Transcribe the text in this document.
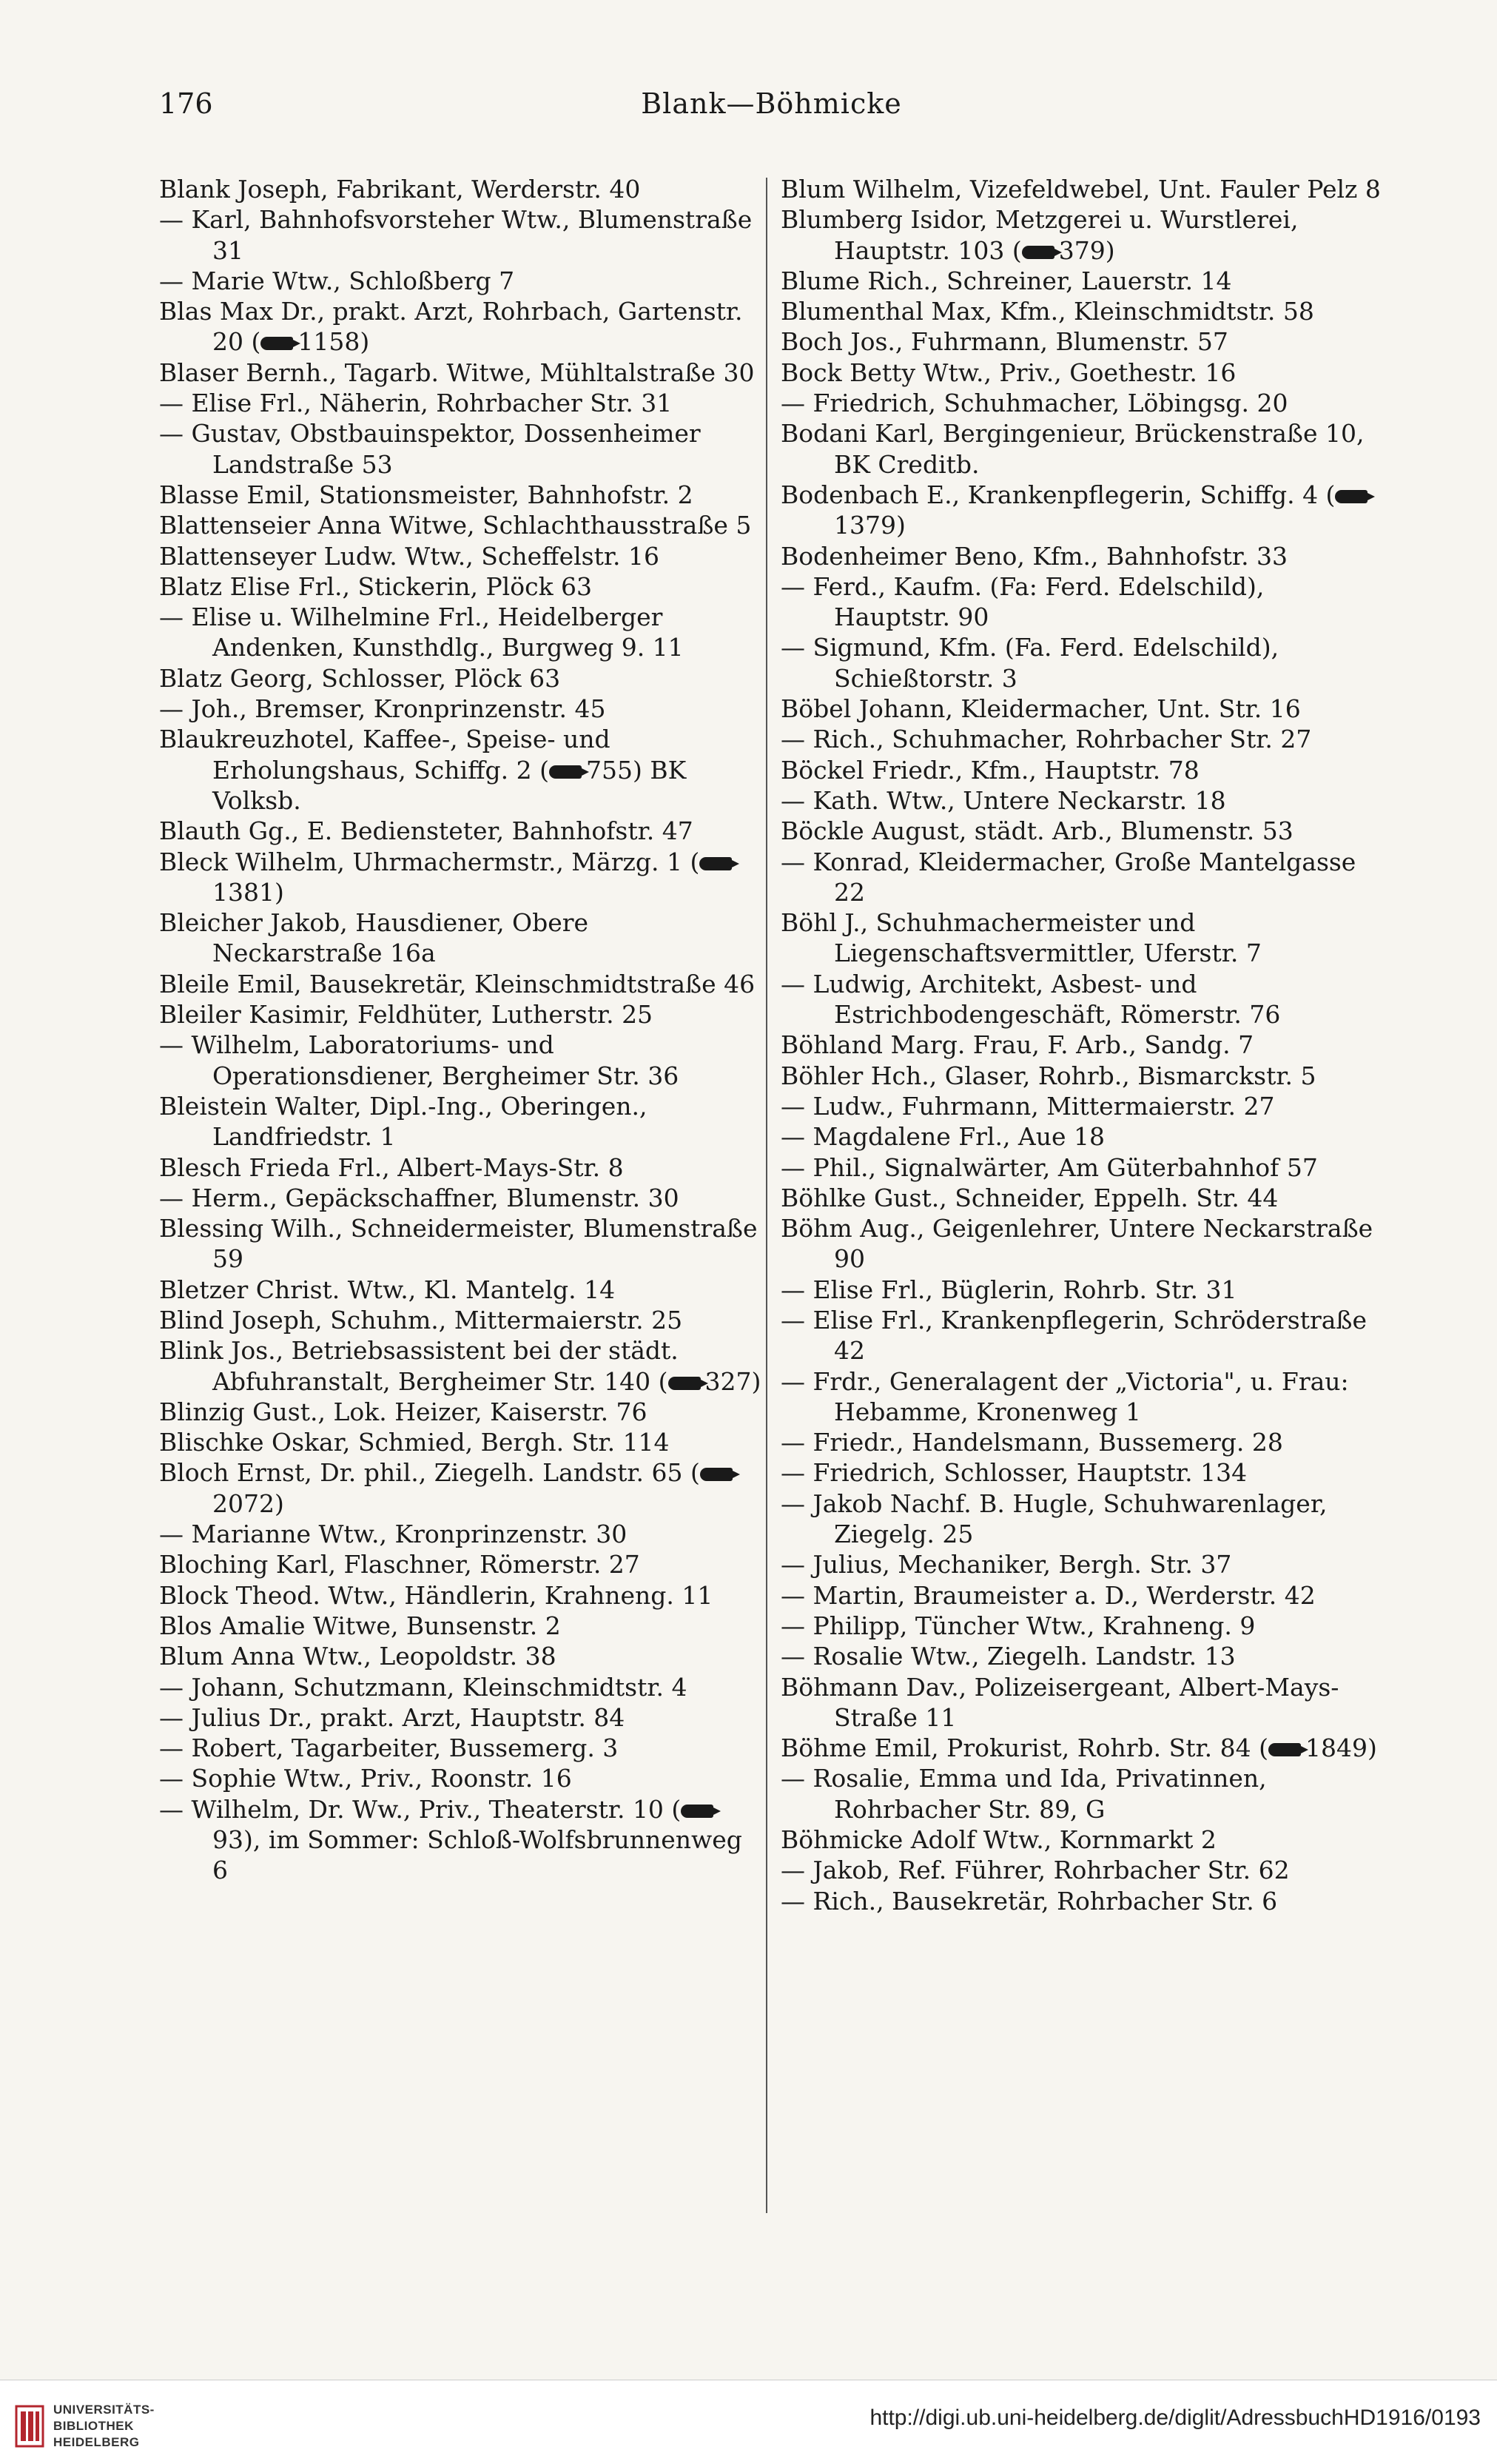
176	Blank—Böhmicke

Blank Joseph, Fabrikant, Werderstr. 40

— Karl, Bahnhofsvorsteher Wtw., Blumenstraße 31

— Marie Wtw., Schloßberg 7

Blas Max Dr., prakt. Arzt, Rohrbach, Gartenstr. 20 ( 1158)

Blaser Bernh., Tagarb. Witwe, Mühltalstraße 30

— Elise Frl., Näherin, Rohrbacher Str. 31

— Gustav, Obstbauinspektor, Dossenheimer Landstraße 53

Blasse Emil, Stationsmeister, Bahnhofstr. 2

Blattenseier Anna Witwe, Schlachthausstraße 5

Blattenseyer Ludw. Wtw., Scheffelstr. 16

Blatz Elise Frl., Stickerin, Plöck 63

— Elise u. Wilhelmine Frl., Heidelberger Andenken, Kunsthdlg., Burgweg 9. 11

Blatz Georg, Schlosser, Plöck 63

— Joh., Bremser, Kronprinzenstr. 45

Blaukreuzhotel, Kaffee-, Speise- und Erholungshaus, Schiffg. 2 ( 755) BK Volksb.

Blauth Gg., E. Bediensteter, Bahnhofstr. 47

Bleck Wilhelm, Uhrmachermstr., Märzg. 1 (1381)

Bleicher Jakob, Hausdiener, Obere Neckarstraße 16a

Bleile Emil, Bausekretär, Kleinschmidtstraße 46

Bleiler Kasimir, Feldhüter, Lutherstr. 25

— Wilhelm, Laboratoriums- und Operationsdiener, Bergheimer Str. 36

Bleistein Walter, Dipl.-Ing., Oberingen., Landfriedstr. 1

Blesch Frieda Frl., Albert-Mays-Str. 8

— Herm., Gepäckschaffner, Blumenstr. 30

Blessing Wilh., Schneidermeister, Blumenstraße 59

Bletzer Christ. Wtw., Kl. Mantelg. 14

Blind Joseph, Schuhm., Mittermaierstr. 25

Blink Jos., Betriebsassistent bei der städt. Abfuhranstalt, Bergheimer Str. 140 ( 327)

Blinzig Gust., Lok. Heizer, Kaiserstr. 76

Blischke Oskar, Schmied, Bergh. Str. 114

Bloch Ernst, Dr. phil., Ziegelh. Landstr. 65 (2072)

— Marianne Wtw., Kronprinzenstr. 30

Bloching Karl, Flaschner, Römerstr. 27

Block Theod. Wtw., Händlerin, Krahneng. 11

Blos Amalie Witwe, Bunsenstr. 2

Blum Anna Wtw., Leopoldstr. 38

— Johann, Schutzmann, Kleinschmidtstr. 4

— Julius Dr., prakt. Arzt, Hauptstr. 84

— Robert, Tagarbeiter, Bussemerg. 3

— Sophie Wtw., Priv., Roonstr. 16

— Wilhelm, Dr. Ww., Priv., Theaterstr. 10 (93), im Sommer: Schloß-Wolfsbrunnenweg 6

Blum Wilhelm, Vizefeldwebel, Unt. Fauler Pelz 8

Blumberg Isidor, Metzgerei u. Wurstlerei, Hauptstr. 103 ( 379)

Blume Rich., Schreiner, Lauerstr. 14

Blumenthal Max, Kfm., Kleinschmidtstr. 58

Boch Jos., Fuhrmann, Blumenstr. 57

Bock Betty Wtw., Priv., Goethestr. 16

— Friedrich, Schuhmacher, Löbingsg. 20

Bodani Karl, Bergingenieur, Brückenstraße 10, BK Creditb.

Bodenbach E., Krankenpflegerin, Schiffg. 4 (1379)

Bodenheimer Beno, Kfm., Bahnhofstr. 33

— Ferd., Kaufm. (Fa: Ferd. Edelschild), Hauptstr. 90

— Sigmund, Kfm. (Fa. Ferd. Edelschild), Schießtorstr. 3

Böbel Johann, Kleidermacher, Unt. Str. 16

— Rich., Schuhmacher, Rohrbacher Str. 27

Böckel Friedr., Kfm., Hauptstr. 78

— Kath. Wtw., Untere Neckarstr. 18

Böckle August, städt. Arb., Blumenstr. 53

— Konrad, Kleidermacher, Große Mantelgasse 22

Böhl J., Schuhmachermeister und Liegenschaftsvermittler, Uferstr. 7

— Ludwig, Architekt, Asbest- und Estrichbodengeschäft, Römerstr. 76

Böhland Marg. Frau, F. Arb., Sandg. 7

Böhler Hch., Glaser, Rohrb., Bismarckstr. 5

— Ludw., Fuhrmann, Mittermaierstr. 27

— Magdalene Frl., Aue 18

— Phil., Signalwärter, Am Güterbahnhof 57

Böhlke Gust., Schneider, Eppelh. Str. 44

Böhm Aug., Geigenlehrer, Untere Neckarstraße 90

— Elise Frl., Büglerin, Rohrb. Str. 31

— Elise Frl., Krankenpflegerin, Schröderstraße 42

— Frdr., Generalagent der „Victoria", u. Frau: Hebamme, Kronenweg 1

— Friedr., Handelsmann, Bussemerg. 28

— Friedrich, Schlosser, Hauptstr. 134

— Jakob Nachf. B. Hugle, Schuhwarenlager, Ziegelg. 25

— Julius, Mechaniker, Bergh. Str. 37

— Martin, Braumeister a. D., Werderstr. 42

— Philipp, Tüncher Wtw., Krahneng. 9

— Rosalie Wtw., Ziegelh. Landstr. 13

Böhmann Dav., Polizeisergeant, Albert-Mays-Straße 11

Böhme Emil, Prokurist, Rohrb. Str. 84 ( 1849)

— Rosalie, Emma und Ida, Privatinnen, Rohrbacher Str. 89, G

Böhmicke Adolf Wtw., Kornmarkt 2

— Jakob, Ref. Führer, Rohrbacher Str. 62

— Rich., Bausekretär, Rohrbacher Str. 6

UNIVERSITÄTS-
BIBLIOTHEK
HEIDELBERG
http://digi.ub.uni-heidelberg.de/diglit/AdressbuchHD1916/0193
